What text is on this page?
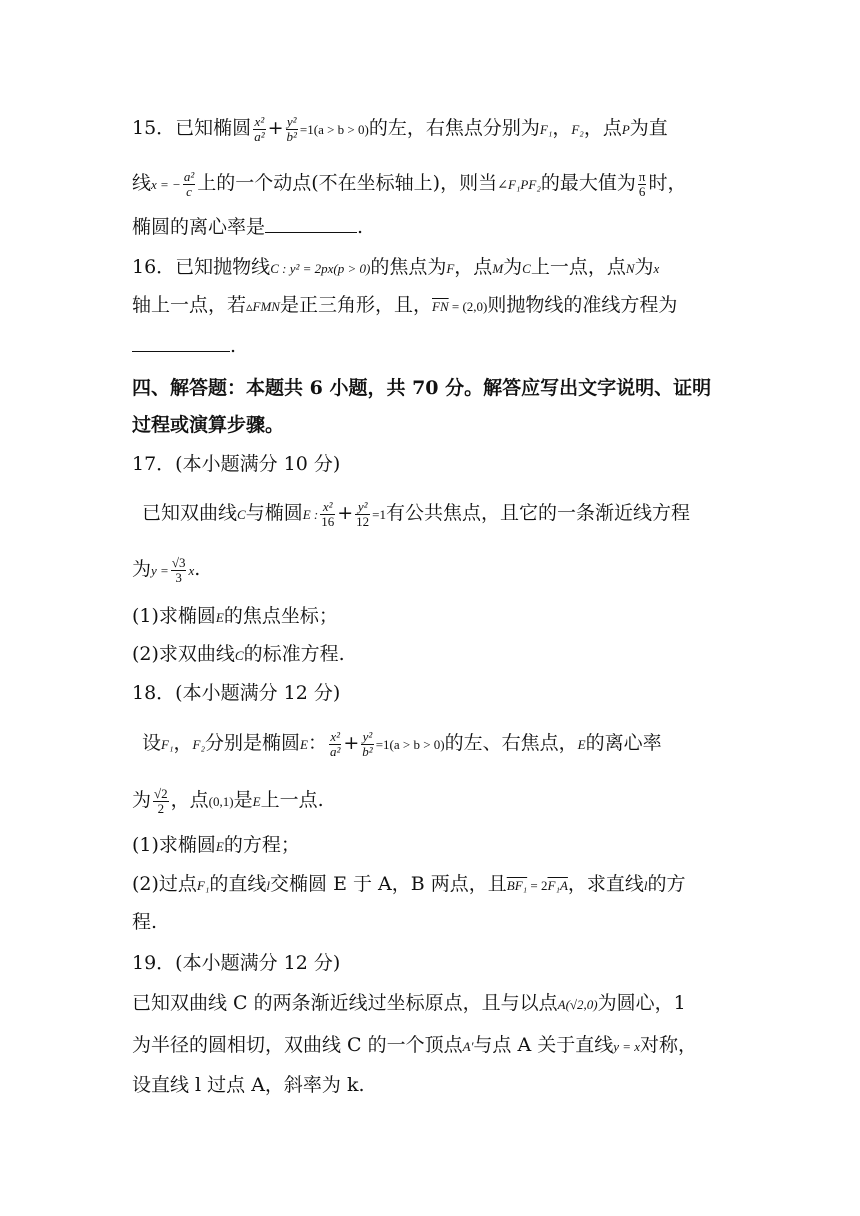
15．已知椭圆 $\frac{\text{x²}}{\text{a²}} + \frac{\text{y²}}{\text{b²}} =1(a > b > 0)$的左，右焦点分别为F₁，F₂，点P为直
线x = − $\frac{\text{a²}}{c}$ 上的一个动点(不在坐标轴上)，则当∠F₁PF₂的最大值为 $\frac{\pi}{6}$ 时，
椭圆的离心率是	.
16．已知抛物线C : y² = 2px(p > 0)的焦点为F，点M为C上一点，点N为x
轴上一点，若▵FMN是正三角形，且，$\overline{FN} = (2,0)$则抛物线的准线方程为
.
四、解答题：本题共 6 小题，共 70 分。解答应写出文字说明、证明
过程或演算步骤。
17．(本小题满分 10 分)
已知双曲线C与椭圆E : $\frac{\text{x²}}{16} + \frac{\text{y²}}{12} =1$有公共焦点，且它的一条渐近线方程
为$y = \frac{√3}{3} x$.
(1)求椭圆E的焦点坐标；
(2)求双曲线C的标准方程.
18．(本小题满分 12 分)
设F₁，F₂分别是椭圆E： $\frac{\text{x²}}{\text{a²}} + \frac{\text{y²}}{\text{b²}} =1(a > b > 0)$的左、右焦点，E的离心率
为 $\frac{√2}{2}$ ，点(0,1)是E上一点.
(1)求椭圆E的方程；
(2)过点F₁的直线l交椭圆 E 于 A，B 两点，且BF₁ = 2F₁A，求直线l的方
程.
19．(本小题满分 12 分)
已知双曲线 C 的两条渐近线过坐标原点，且与以点A(√2,0)为圆心，1
为半径的圆相切，双曲线 C 的一个顶点A′与点 A 关于直线y = x对称，
设直线 l 过点 A，斜率为 k.
